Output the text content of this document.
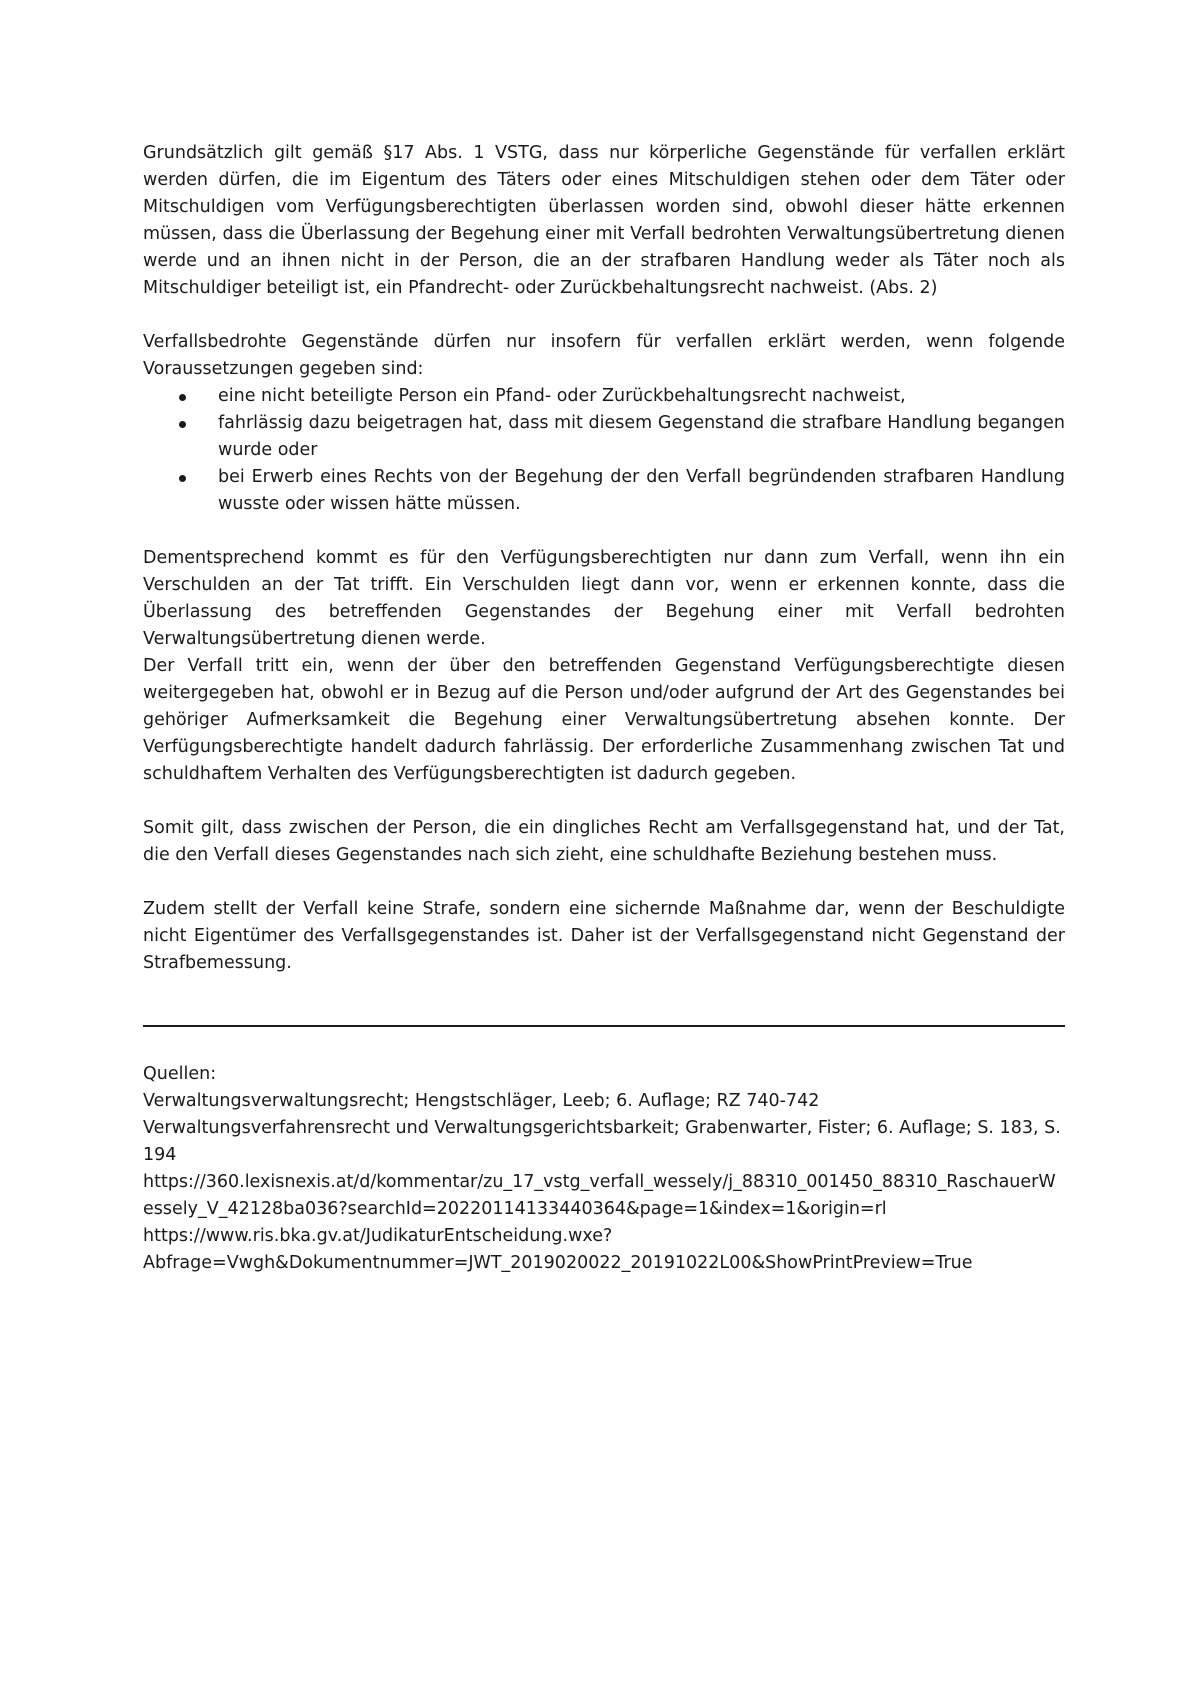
Grundsätzlich gilt gemäß §17 Abs. 1 VSTG, dass nur körperliche Gegenstände für verfallen erklärt werden dürfen, die im Eigentum des Täters oder eines Mitschuldigen stehen oder dem Täter oder Mitschuldigen vom Verfügungsberechtigten überlassen worden sind, obwohl dieser hätte erkennen müssen, dass die Überlassung der Begehung einer mit Verfall bedrohten Verwaltungsübertretung dienen werde und an ihnen nicht in der Person, die an der strafbaren Handlung weder als Täter noch als Mitschuldiger beteiligt ist, ein Pfandrecht- oder Zurückbehaltungsrecht nachweist. (Abs. 2)

Verfallsbedrohte Gegenstände dürfen nur insofern für verfallen erklärt werden, wenn folgende Voraussetzungen gegeben sind:

eine nicht beteiligte Person ein Pfand- oder Zurückbehaltungsrecht nachweist,
fahrlässig dazu beigetragen hat, dass mit diesem Gegenstand die strafbare Handlung begangen wurde oder
bei Erwerb eines Rechts von der Begehung der den Verfall begründenden strafbaren Handlung wusste oder wissen hätte müssen.

Dementsprechend kommt es für den Verfügungsberechtigten nur dann zum Verfall, wenn ihn ein Verschulden an der Tat trifft. Ein Verschulden liegt dann vor, wenn er erkennen konnte, dass die Überlassung des betreffenden Gegenstandes der Begehung einer mit Verfall bedrohten Verwaltungsübertretung dienen werde.

Der Verfall tritt ein, wenn der über den betreffenden Gegenstand Verfügungsberechtigte diesen weitergegeben hat, obwohl er in Bezug auf die Person und/oder aufgrund der Art des Gegenstandes bei gehöriger Aufmerksamkeit die Begehung einer Verwaltungsübertretung absehen konnte. Der Verfügungsberechtigte handelt dadurch fahrlässig. Der erforderliche Zusammenhang zwischen Tat und schuldhaftem Verhalten des Verfügungsberechtigten ist dadurch gegeben.

Somit gilt, dass zwischen der Person, die ein dingliches Recht am Verfallsgegenstand hat, und der Tat, die den Verfall dieses Gegenstandes nach sich zieht, eine schuldhafte Beziehung bestehen muss.

Zudem stellt der Verfall keine Strafe, sondern eine sichernde Maßnahme dar, wenn der Beschuldigte nicht Eigentümer des Verfallsgegenstandes ist. Daher ist der Verfallsgegenstand nicht Gegenstand der Strafbemessung.

Quellen:

Verwaltungsverwaltungsrecht; Hengstschläger, Leeb; 6. Auflage; RZ 740-742

Verwaltungsverfahrensrecht und Verwaltungsgerichtsbarkeit; Grabenwarter, Fister; 6. Auflage; S. 183, S. 194

https://360.lexisnexis.at/d/kommentar/zu_17_vstg_verfall_wessely/j_88310_001450_88310_RaschauerWessely_V_42128ba036?searchId=20220114133440364&page=1&index=1&origin=rl

https://www.ris.bka.gv.at/JudikaturEntscheidung.wxe?
Abfrage=Vwgh&Dokumentnummer=JWT_2019020022_20191022L00&ShowPrintPreview=True
